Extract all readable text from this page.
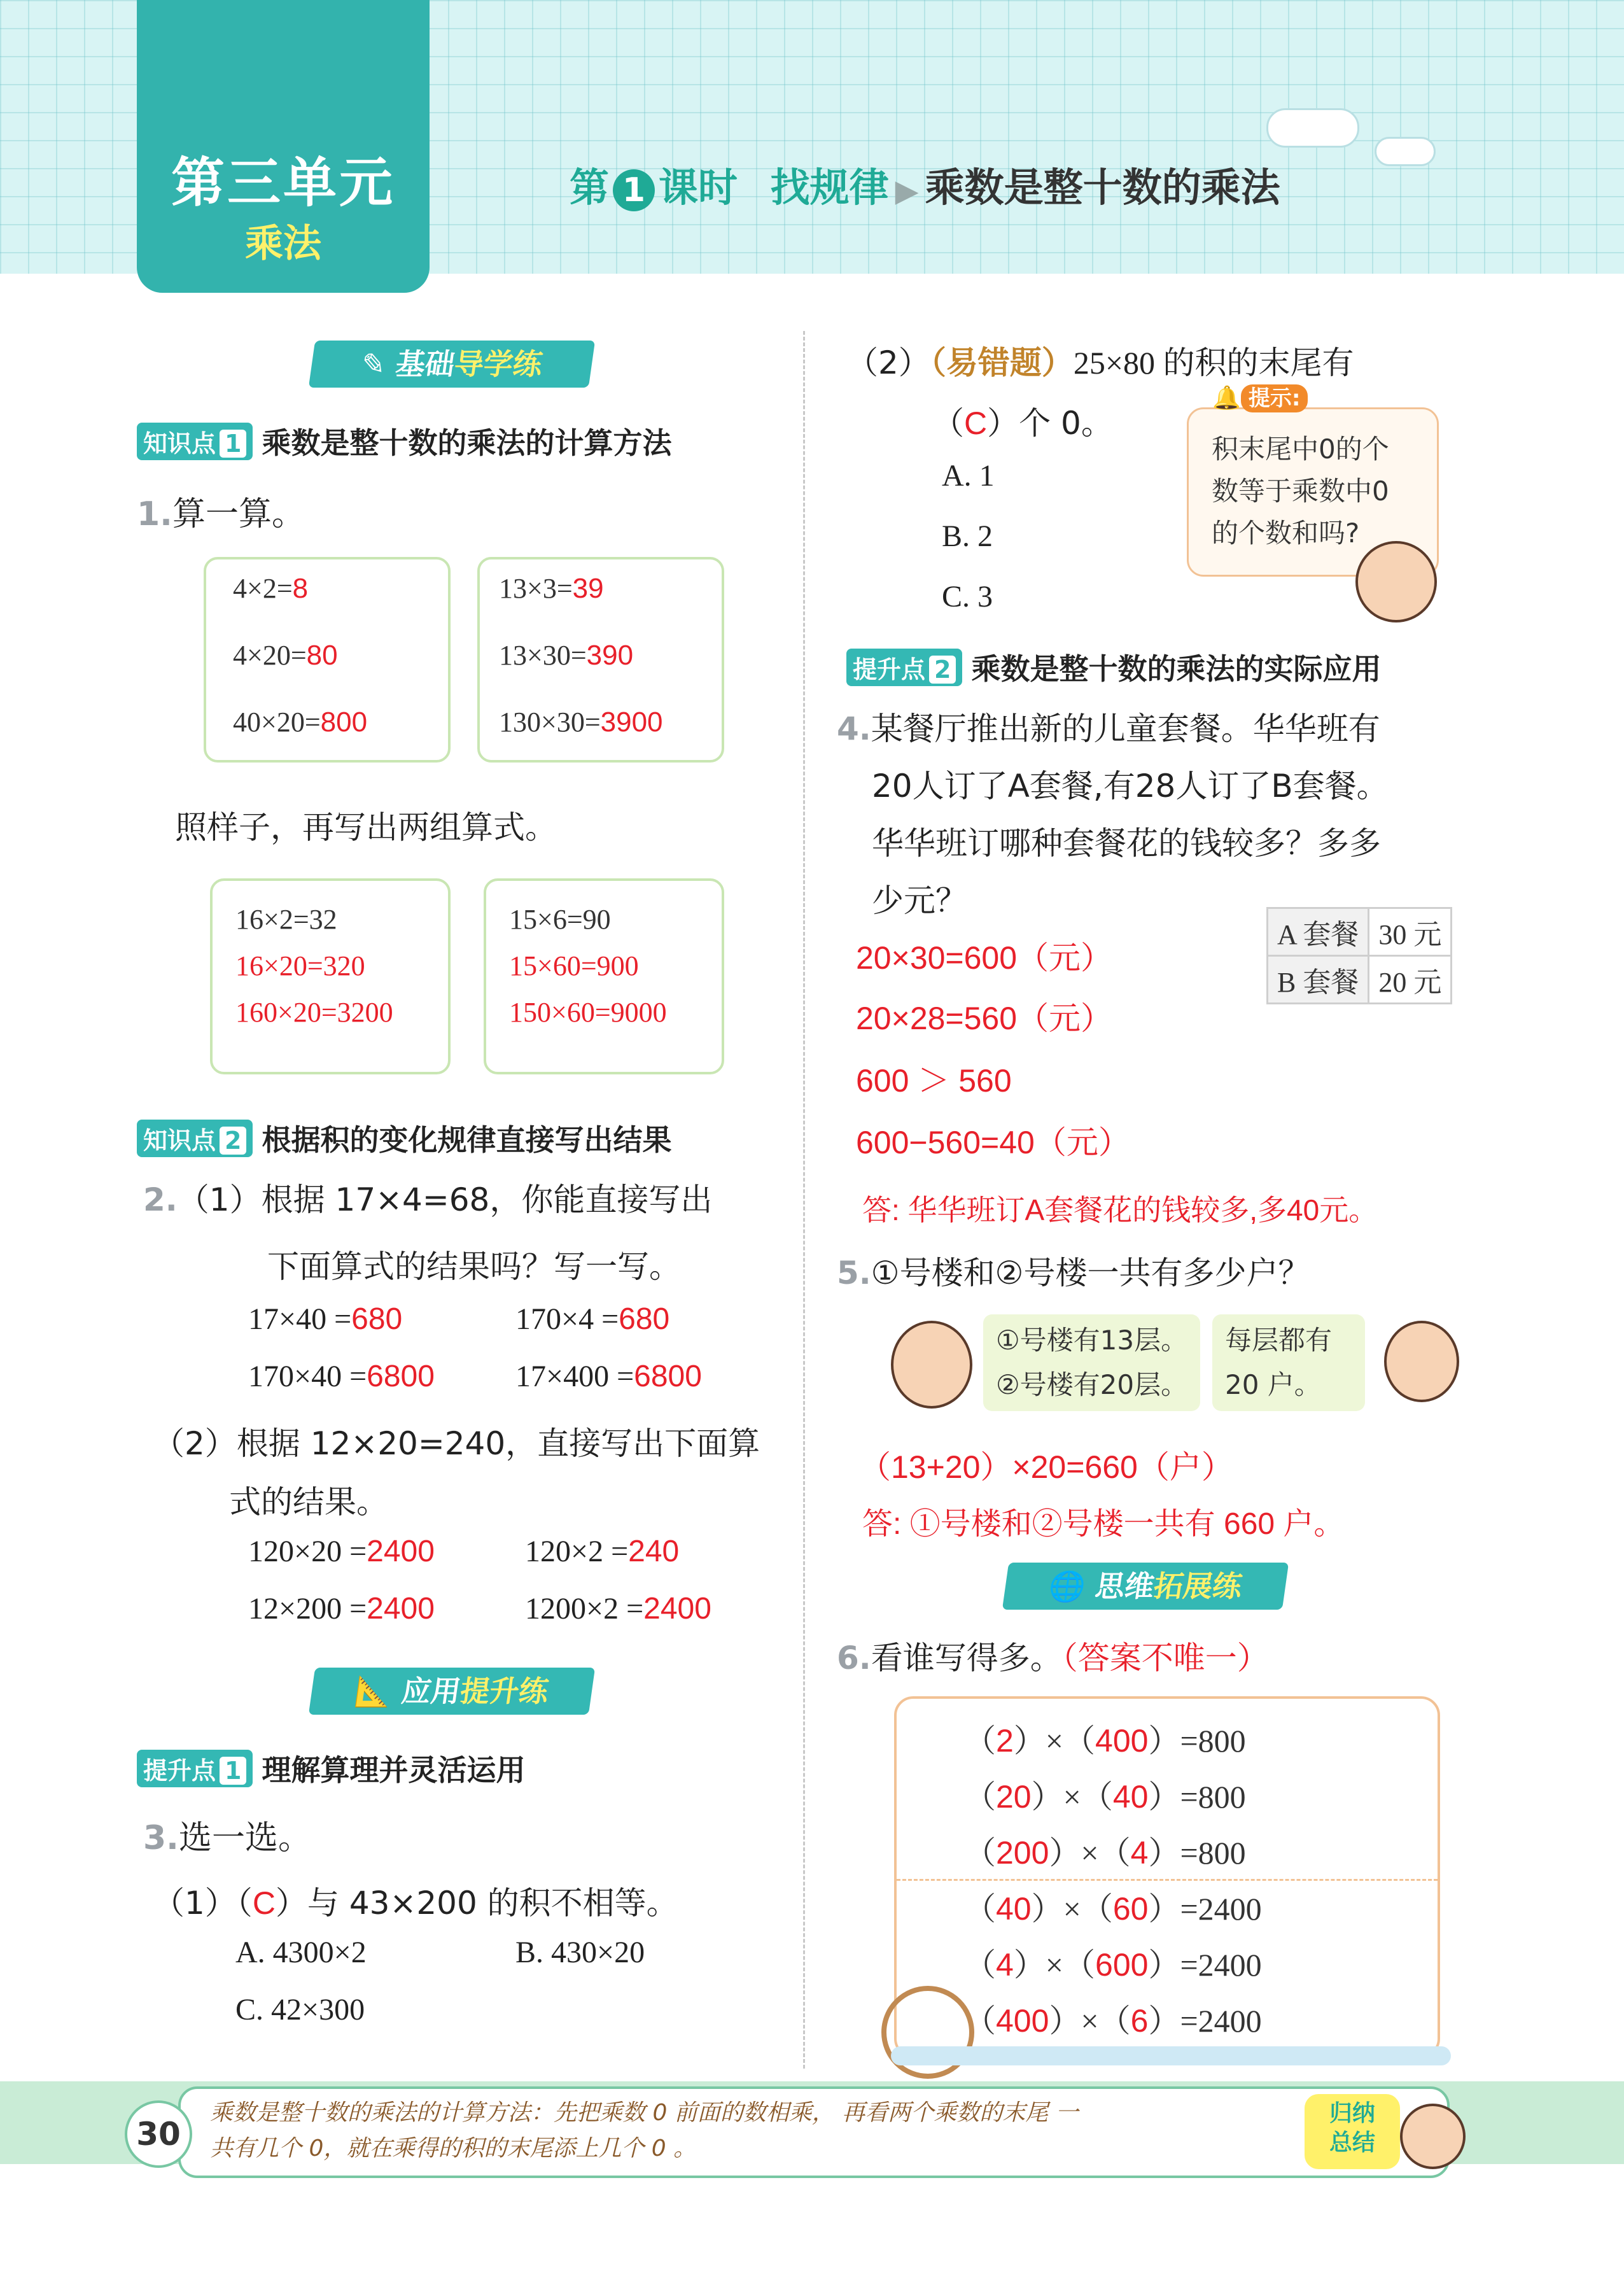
第三单元
乘法
第 1 课时 找规律 ▶ 乘数是整十数的乘法
✎ 基础导学练
知识点 1 乘数是整十数的乘法的计算方法
1.算一算。
4×2=8
4×20=80
40×20=800
13×3=39
13×30=390
130×30=3900
照样子，再写出两组算式。
16×2=32
16×20=320
160×20=3200
15×6=90
15×60=900
150×60=9000
知识点 2 根据积的变化规律直接写出结果
2.（1）根据 17×4=68，你能直接写出
下面算式的结果吗？写一写。
17×40 =680	170×4 =680
170×40 =6800	17×400 =6800
（2）根据 12×20=240，直接写出下面算
式的结果。
120×20 =2400	120×2 =240
12×200 =2400	1200×2 =2400
📐 应用提升练
提升点 1 理解算理并灵活运用
3.选一选。
（1）（C）与 43×200 的积不相等。
A. 4300×2	B. 430×20
C. 42×300
（2）（易错题）25×80 的积的末尾有
（C）个 0。
A. 1
B. 2
C. 3
积末尾中0的个
数等于乘数中0
的个数和吗?
🔔 提示:
提升点 2 乘数是整十数的乘法的实际应用
4.某餐厅推出新的儿童套餐。华华班有
20人订了A套餐,有28人订了B套餐。
华华班订哪种套餐花的钱较多？多多
少元？
A 套餐	30 元
B 套餐	20 元
20×30=600（元）
20×28=560（元）
600 ＞ 560
600−560=40（元）
答: 华华班订A套餐花的钱较多,多40元。
5.①号楼和②号楼一共有多少户？
①号楼有13层。
②号楼有20层。
每层都有
20 户。
（13+20）×20=660（户）
答: ①号楼和②号楼一共有 660 户。
🌐 思维拓展练
6.看谁写得多。（答案不唯一）
（2）×（400）=800
（20）×（40）=800
（200）×（4）=800
（40）×（60）=2400
（4）×（600）=2400
（400）×（6）=2400
30
乘数是整十数的乘法的计算方法：先把乘数 0 前面的数相乘， 再看两个乘数的末尾 一
共有几个 0，就在乘得的积的末尾添上几个 0 。
归纳
总结
